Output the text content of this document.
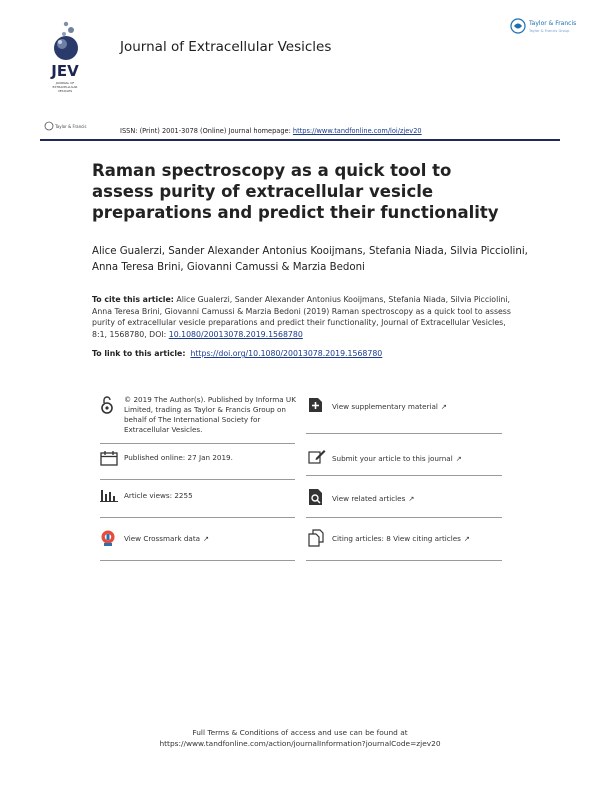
JEV
JOURNAL OF
EXTRACELLULAR
VESICLES
Journal of Extracellular Vesicles
Taylor & Francis
Taylor & Francis Group
Taylor & Francis
ISSN: (Print) 2001-3078 (Online) Journal homepage: https://www.tandfonline.com/loi/zjev20
Raman spectroscopy as a quick tool to assess purity of extracellular vesicle preparations and predict their functionality
Alice Gualerzi, Sander Alexander Antonius Kooijmans, Stefania Niada, Silvia Picciolini, Anna Teresa Brini, Giovanni Camussi & Marzia Bedoni
To cite this article: Alice Gualerzi, Sander Alexander Antonius Kooijmans, Stefania Niada, Silvia Picciolini, Anna Teresa Brini, Giovanni Camussi & Marzia Bedoni (2019) Raman spectroscopy as a quick tool to assess purity of extracellular vesicle preparations and predict their functionality, Journal of Extracellular Vesicles, 8:1, 1568780, DOI: 10.1080/20013078.2019.1568780
To link to this article: https://doi.org/10.1080/20013078.2019.1568780
© 2019 The Author(s). Published by Informa UK Limited, trading as Taylor & Francis Group on behalf of The International Society for Extracellular Vesicles.
Published online: 27 Jan 2019.
Article views: 2255
View Crossmark data ↗
View supplementary material ↗
Submit your article to this journal ↗
View related articles ↗
Citing articles: 8 View citing articles ↗
Full Terms & Conditions of access and use can be found at
https://www.tandfonline.com/action/journalInformation?journalCode=zjev20
